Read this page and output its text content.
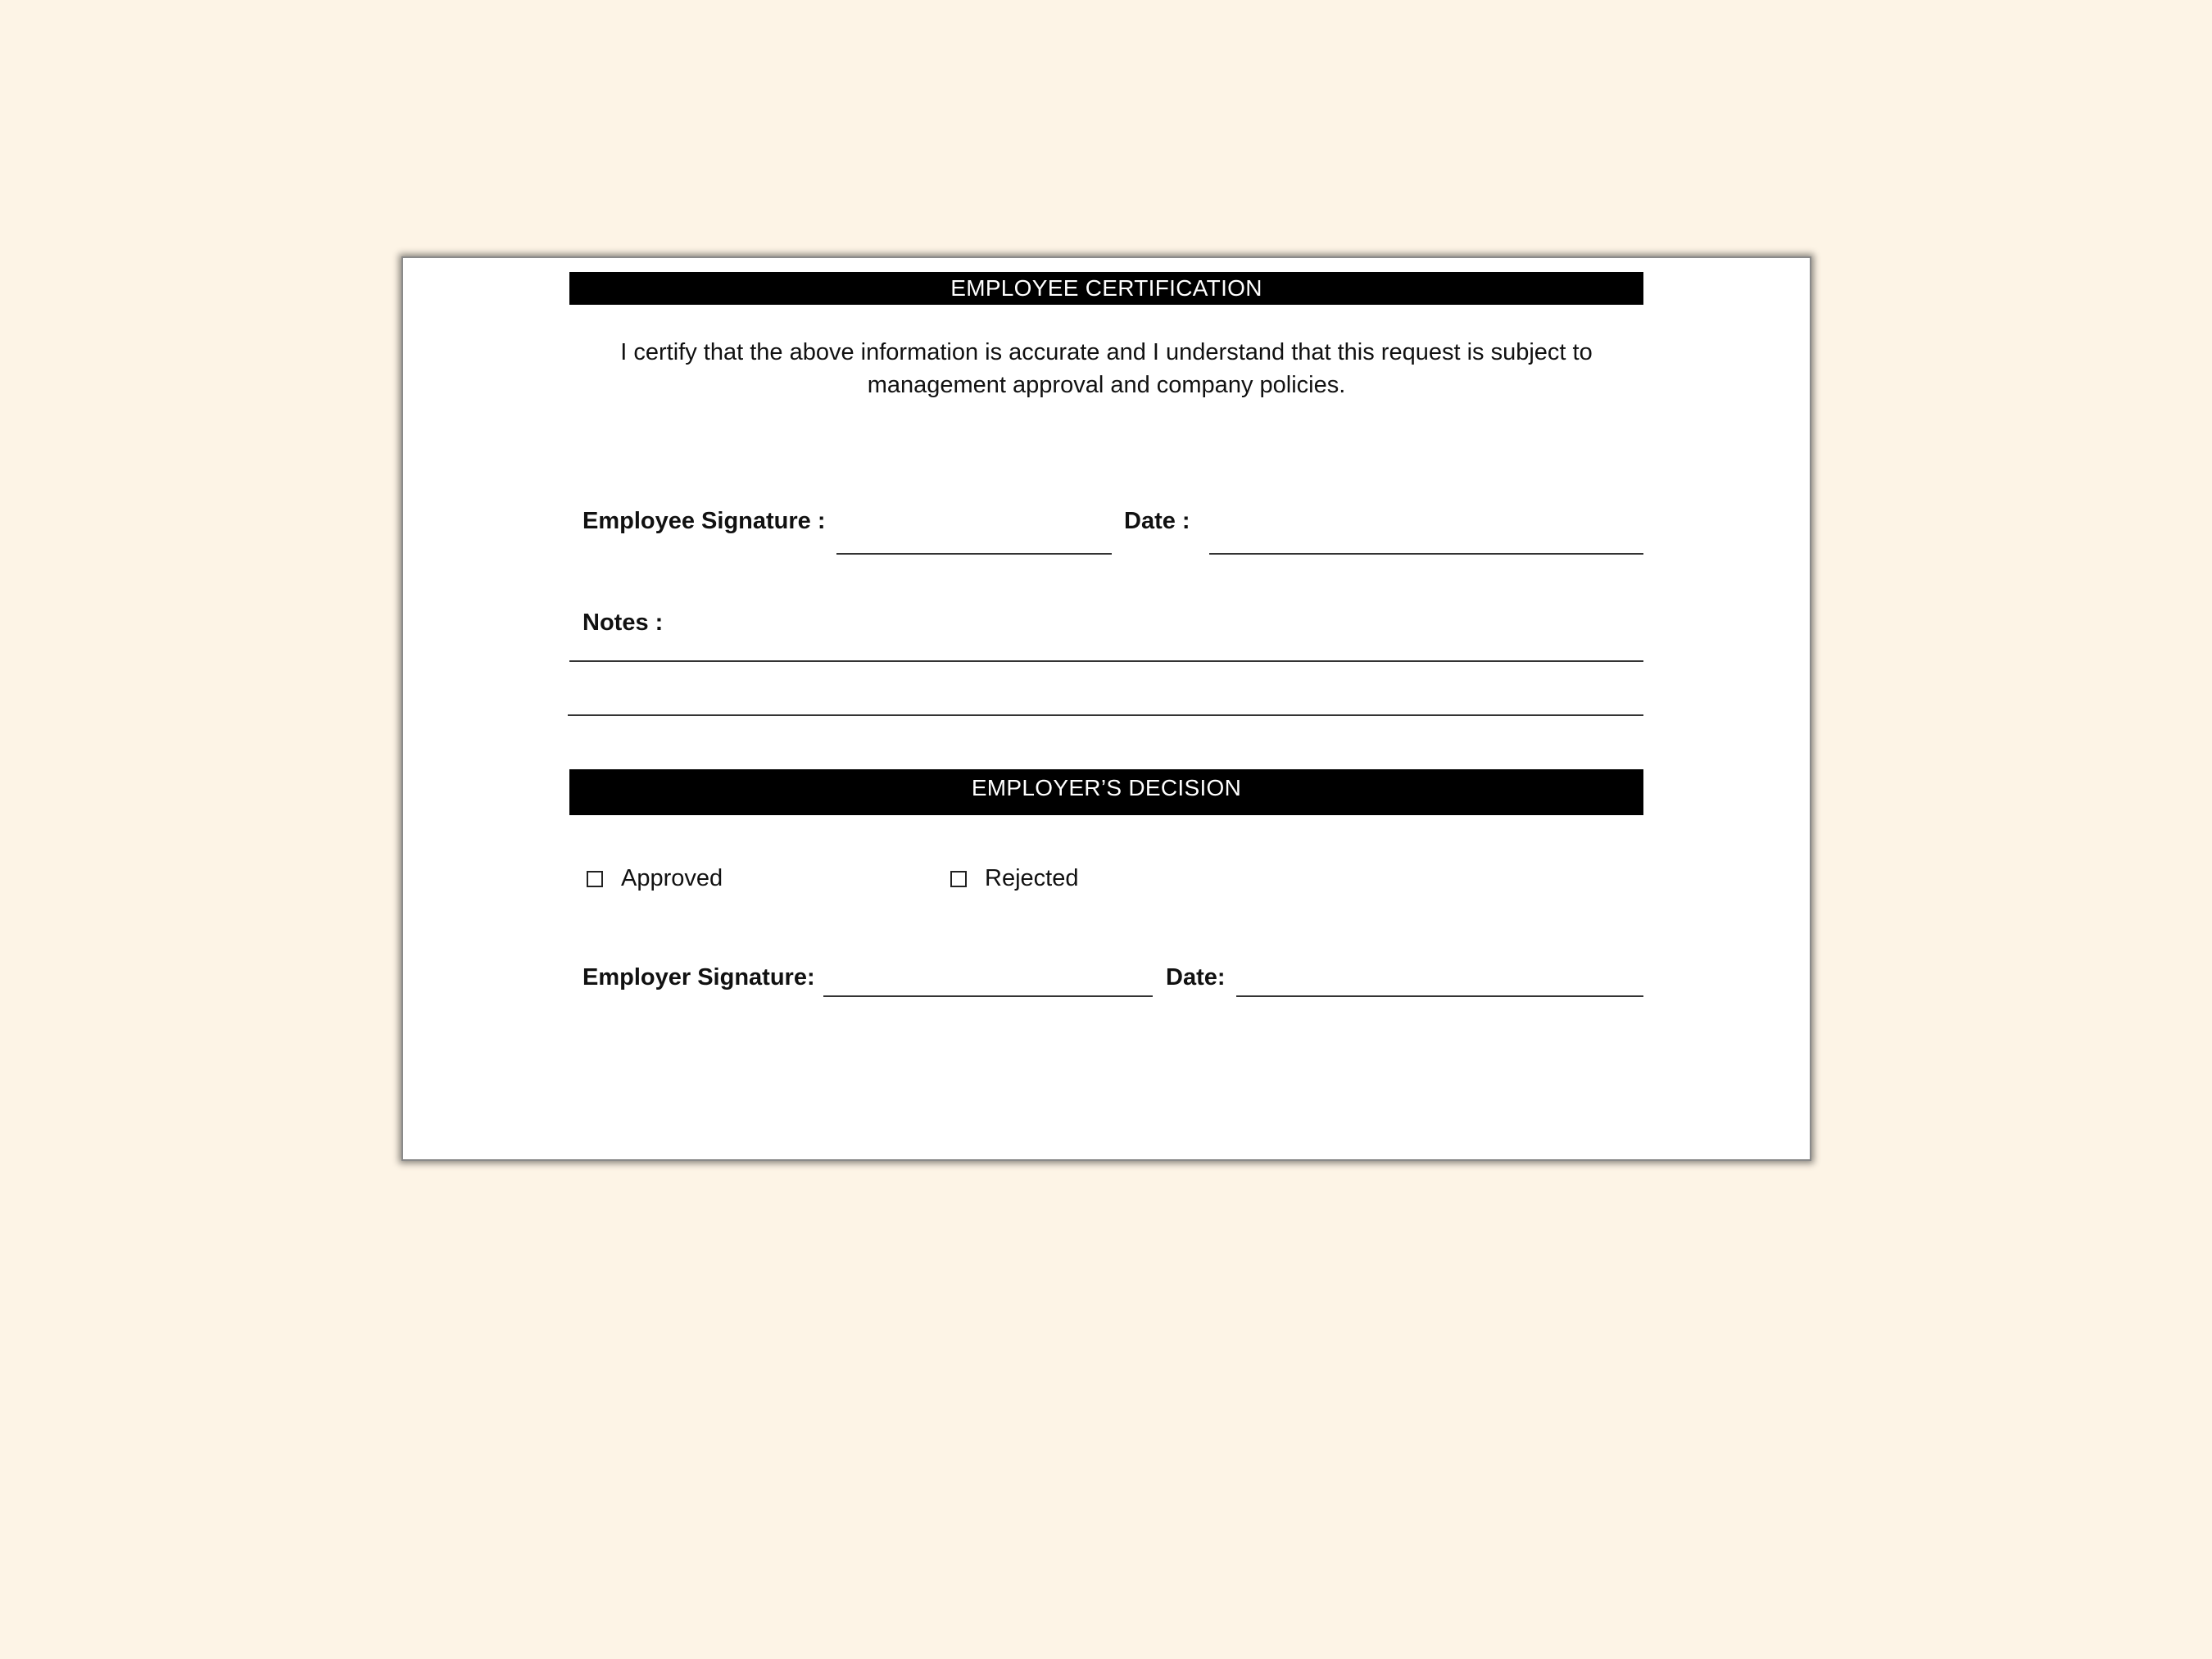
EMPLOYEE CERTIFICATION
I certify that the above information is accurate and I understand that this request is subject to management approval and company policies.
Employee Signature :	Date :
Notes :
EMPLOYER’S DECISION
Approved	Rejected
Employer Signature:	Date:
